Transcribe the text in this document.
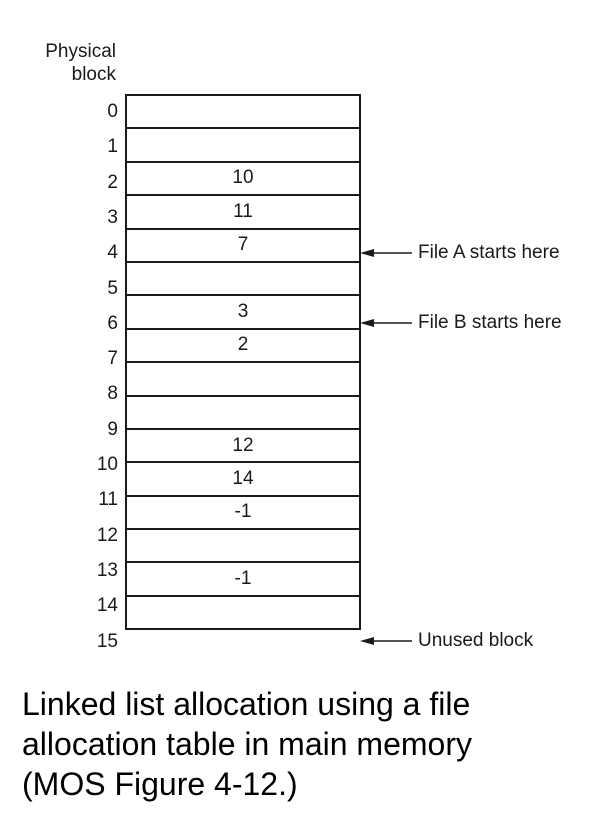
Physical
block
10
11
7
3
2
12
14
-1
-1
0
1
2
3
4
5
6
7
8
9
10
11
12
13
14
15
File A starts here
File B starts here
Unused block
Linked list allocation using a file
allocation table in main memory
(MOS Figure 4-12.)
